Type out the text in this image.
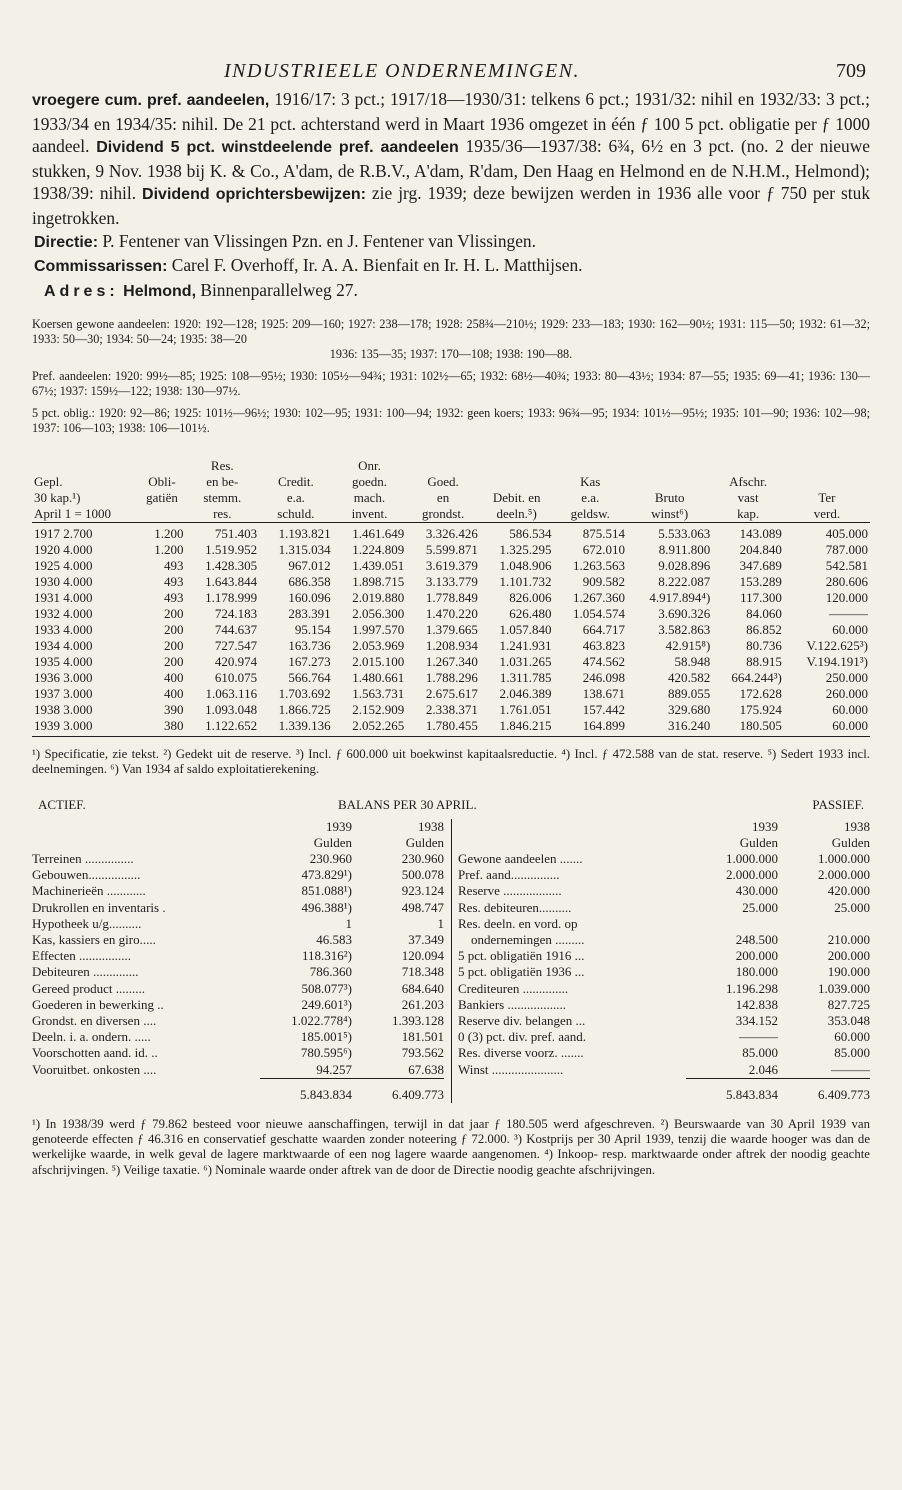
INDUSTRIEELE ONDERNEMINGEN.	709

vroegere cum. pref. aandeelen, 1916/17: 3 pct.; 1917/18—1930/31: telkens 6 pct.; 1931/32: nihil en 1932/33: 3 pct.; 1933/34 en 1934/35: nihil. De 21 pct. achterstand werd in Maart 1936 omgezet in één ƒ 100 5 pct. obligatie per ƒ 1000 aandeel. Dividend 5 pct. winstdeelende pref. aandeelen 1935/36—1937/38: 6¾, 6½ en 3 pct. (no. 2 der nieuwe stukken, 9 Nov. 1938 bij K. & Co., A'dam, de R.B.V., A'dam, R'dam, Den Haag en Helmond en de N.H.M., Helmond); 1938/39: nihil. Dividend oprichtersbewijzen: zie jrg. 1939; deze bewijzen werden in 1936 alle voor ƒ 750 per stuk ingetrokken.

Directie: P. Fentener van Vlissingen Pzn. en J. Fentener van Vlissingen.

Commissarissen: Carel F. Overhoff, Ir. A. A. Bienfait en Ir. H. L. Matthijsen.

Adres: Helmond, Binnenparallelweg 27.

Koersen gewone aandeelen: 1920: 192—128; 1925: 209—160; 1927: 238—178; 1928: 258¾—210½; 1929: 233—183; 1930: 162—90½; 1931: 115—50; 1932: 61—32; 1933: 50—30; 1934: 50—24; 1935: 38—20

1936: 135—35; 1937: 170—108; 1938: 190—88.

Pref. aandeelen: 1920: 99½—85; 1925: 108—95½; 1930: 105½—94¾; 1931: 102½—65; 1932: 68½—40¾; 1933: 80—43½; 1934: 87—55; 1935: 69—41; 1936: 130—67½; 1937: 159½—122; 1938: 130—97½.

5 pct. oblig.: 1920: 92—86; 1925: 101½—96½; 1930: 102—95; 1931: 100—94; 1932: geen koers; 1933: 96¾—95; 1934: 101½—95½; 1935: 101—90; 1936: 102—98; 1937: 106—103; 1938: 106—101½.

		Res.		Onr.						
Gepl.	Obli-	en be-	Credit.	goedn.	Goed.		Kas		Afschr.	
30 kap.¹)	gatiën	stemm.	e.a.	mach.	en	Debit. en	e.a.	Bruto	vast	Ter
April 1 = 1000		res.	schuld.	invent.	grondst.	deeln.⁵)	geldsw.	winst⁶)	kap.	verd.
1917 2.700	1.200	751.403	1.193.821	1.461.649	3.326.426	586.534	875.514	5.533.063	143.089	405.000
1920 4.000	1.200	1.519.952	1.315.034	1.224.809	5.599.871	1.325.295	672.010	8.911.800	204.840	787.000
1925 4.000	493	1.428.305	967.012	1.439.051	3.619.379	1.048.906	1.263.563	9.028.896	347.689	542.581
1930 4.000	493	1.643.844	686.358	1.898.715	3.133.779	1.101.732	909.582	8.222.087	153.289	280.606
1931 4.000	493	1.178.999	160.096	2.019.880	1.778.849	826.006	1.267.360	4.917.894⁴)	117.300	120.000
1932 4.000	200	724.183	283.391	2.056.300	1.470.220	626.480	1.054.574	3.690.326	84.060	———
1933 4.000	200	744.637	95.154	1.997.570	1.379.665	1.057.840	664.717	3.582.863	86.852	60.000
1934 4.000	200	727.547	163.736	2.053.969	1.208.934	1.241.931	463.823	42.915⁸)	80.736	V.122.625³)
1935 4.000	200	420.974	167.273	2.015.100	1.267.340	1.031.265	474.562	58.948	88.915	V.194.191³)
1936 3.000	400	610.075	566.764	1.480.661	1.788.296	1.311.785	246.098	420.582	664.244³)	250.000
1937 3.000	400	1.063.116	1.703.692	1.563.731	2.675.617	2.046.389	138.671	889.055	172.628	260.000
1938 3.000	390	1.093.048	1.866.725	2.152.909	2.338.371	1.761.051	157.442	329.680	175.924	60.000
1939 3.000	380	1.122.652	1.339.136	2.052.265	1.780.455	1.846.215	164.899	316.240	180.505	60.000

¹) Specificatie, zie tekst. ²) Gedekt uit de reserve. ³) Incl. ƒ 600.000 uit boekwinst kapitaalsreductie. ⁴) Incl. ƒ 472.588 van de stat. reserve. ⁵) Sedert 1933 incl. deelnemingen. ⁶) Van 1934 af saldo exploitatierekening.

ACTIEF.	BALANS PER 30 APRIL.	PASSIEF.
	1939	1938
	Gulden	Gulden
Terreinen ...............	230.960	230.960
Gebouwen................	473.829¹)	500.078
Machinerieën ............	851.088¹)	923.124
Drukrollen en inventaris .	496.388¹)	498.747
Hypotheek u/g..........	1	1
Kas, kassiers en giro.....	46.583	37.349
Effecten ................	118.316²)	120.094
Debiteuren ..............	786.360	718.348
Gereed product .........	508.077³)	684.640
Goederen in bewerking ..	249.601³)	261.203
Grondst. en diversen ....	1.022.778⁴)	1.393.128
Deeln. i. a. ondern. .....	185.001⁵)	181.501
Voorschotten aand. id. ..	780.595⁶)	793.562
Vooruitbet. onkosten ....	94.257	67.638
	5.843.834	6.409.773
	1939	1938
	Gulden	Gulden
Gewone aandeelen .......	1.000.000	1.000.000
Pref. aand...............	2.000.000	2.000.000
Reserve ..................	430.000	420.000
Res. debiteuren..........	25.000	25.000
Res. deeln. en vord. op		
ondernemingen .........	248.500	210.000
5 pct. obligatiën 1916 ...	200.000	200.000
5 pct. obligatiën 1936 ...	180.000	190.000
Crediteuren ..............	1.196.298	1.039.000
Bankiers ..................	142.838	827.725
Reserve div. belangen ...	334.152	353.048
0 (3) pct. div. pref. aand.	———	60.000
Res. diverse voorz. .......	85.000	85.000
Winst ......................	2.046	———
	5.843.834	6.409.773

¹) In 1938/39 werd ƒ 79.862 besteed voor nieuwe aanschaffingen, terwijl in dat jaar ƒ 180.505 werd afgeschreven. ²) Beurswaarde van 30 April 1939 van genoteerde effecten ƒ 46.316 en conservatief geschatte waarden zonder noteering ƒ 72.000. ³) Kostprijs per 30 April 1939, tenzij die waarde hooger was dan de werkelijke waarde, in welk geval de lagere marktwaarde of een nog lagere waarde aangenomen. ⁴) Inkoop- resp. marktwaarde onder aftrek der noodig geachte afschrijvingen. ⁵) Veilige taxatie. ⁶) Nominale waarde onder aftrek van de door de Directie noodig geachte afschrijvingen.
